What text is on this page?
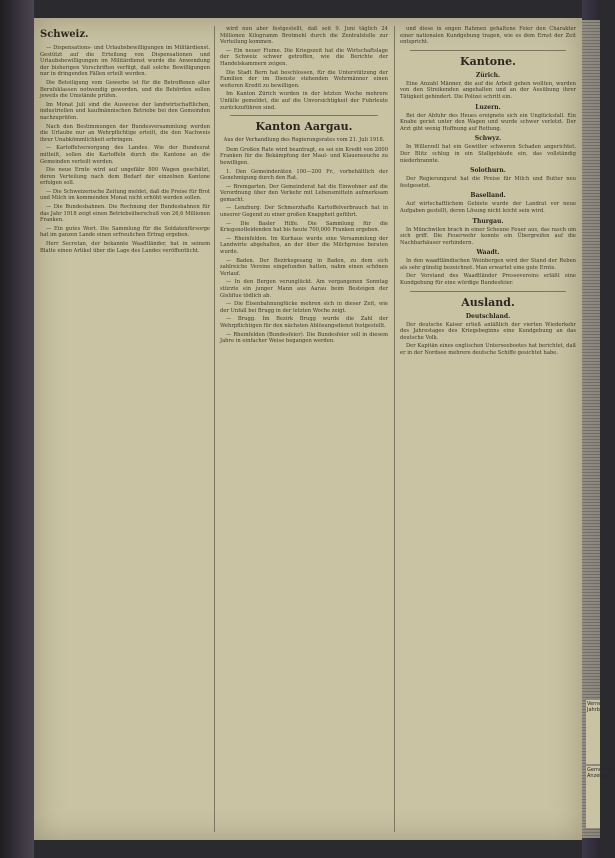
Schweiz.

— Dispensations- und Urlaubsbewilligungen im Militärdienst. Gestützt auf die Erteilung von Dispensationen und Urlaubsbewilligungen im Militärdienst wurde die Anwendung der bisherigen Vorschriften verfügt, daß solche Bewilligungen nur in dringenden Fällen erteilt werden.

Die Beteiligung vom Gewerbe ist für die Betroffenen aller Berufsklassen notwendig geworden, und die Behörden sollen jeweils die Umstände prüfen.

Im Monat Juli sind die Ausweise der landwirtschaftlichen, industriellen und kaufmännischen Betriebe bei den Gemeinden nachzuprüfen.

Nach den Bestimmungen der Bundesversammlung werden die Urlaube nur an Wehrpflichtige erteilt, die den Nachweis ihrer Unabkömmlichkeit erbringen.

— Kartoffelversorgung des Landes. Wie der Bundesrat mitteilt, sollen die Kartoffeln durch die Kantone an die Gemeinden verteilt werden.

Die neue Ernte wird auf ungefähr 800 Wagen geschätzt, deren Verteilung nach dem Bedarf der einzelnen Kantone erfolgen soll.

— Die Schweizerische Zeitung meldet, daß die Preise für Brot und Milch im kommenden Monat nicht erhöht werden sollen.

— Die Bundesbahnen. Die Rechnung der Bundesbahnen für das Jahr 1918 zeigt einen Betriebsüberschuß von 26,6 Millionen Franken.

— Ein gutes Wort. Die Sammlung für die Soldatenfürsorge hat im ganzen Lande einen erfreulichen Ertrag ergeben.

Herr Secretan, der bekannte Waadtländer, hat in seinem Blatte einen Artikel über die Lage des Landes veröffentlicht.

wird nun aber festgestellt, daß seit 9. Juni täglich 24 Millionen Kilogramm Brotmehl durch die Zentralstelle zur Verteilung kommen.

— Ein neuer Fiume. Die Kriegszeit hat die Wirtschaftslage der Schweiz schwer getroffen, wie die Berichte der Handelskammern zeigen.

Die Stadt Bern hat beschlossen, für die Unterstützung der Familien der im Dienste stehenden Wehrmänner einen weiteren Kredit zu bewilligen.

Im Kanton Zürich wurden in der letzten Woche mehrere Unfälle gemeldet, die auf die Unvorsichtigkeit der Fuhrleute zurückzuführen sind.

Kanton Aargau.
Aus der Verhandlung des Regierungsrates vom 21. Juli 1918.

Dem Großen Rate wird beantragt, es sei ein Kredit von 2000 Franken für die Bekämpfung der Maul- und Klauenseuche zu bewilligen.

1. Den Gemeinderäten 100—200 Fr., vorbehältlich der Genehmigung durch den Rat.

— Bremgarten. Der Gemeinderat hat die Einwohner auf die Verordnung über den Verkehr mit Lebensmitteln aufmerksam gemacht.

— Lenzburg. Der Schmerzhafte Kartoffelverbrauch hat in unserer Gegend zu einer großen Knappheit geführt.

— Die Basler Hilfe. Die Sammlung für die Kriegsnotleidenden hat bis heute 700,000 Franken ergeben.

— Rheinfelden. Im Kurhaus wurde eine Versammlung der Landwirte abgehalten, an der über die Milchpreise beraten wurde.

— Baden. Der Bezirksgesang in Baden, zu dem sich zahlreiche Vereine eingefunden hatten, nahm einen schönen Verlauf.

— In den Bergen verunglückt. Am vergangenen Sonntag stürzte ein junger Mann aus Aarau beim Besteigen der Gisliflue tödlich ab.

— Die Eisenbahnunglücke mehren sich in dieser Zeit, wie der Unfall bei Brugg in der letzten Woche zeigt.

— Brugg. Im Bezirk Brugg wurde die Zahl der Wehrpflichtigen für den nächsten Ablösungsdienst festgestellt.

— Rheinfelden (Bundesfeier). Die Bundesfeier soll in diesem Jahre in einfacher Weise begangen werden.

und diese in engen Rahmen gehaltene Feier den Charakter einer nationalen Kundgebung tragen, wie es dem Ernst der Zeit entspricht.

Kantone.
Zürich.

Eine Anzahl Männer, die auf die Arbeit gehen wollten, wurden von den Streikenden angehalten und an der Ausübung ihrer Tätigkeit gehindert. Die Polizei schritt ein.

Luzern.

Bei der Abfuhr des Heues ereignete sich ein Unglücksfall. Ein Knabe geriet unter den Wagen und wurde schwer verletzt. Der Arzt gibt wenig Hoffnung auf Rettung.

Schwyz.

In Willerzell hat ein Gewitter schweren Schaden angerichtet. Der Blitz schlug in ein Stallgebäude ein, das vollständig niederbrannte.

Solothurn.

Der Regierungsrat hat die Preise für Milch und Butter neu festgesetzt.

Baselland.

Auf wirtschaftlichem Gebiete wurde der Landrat vor neue Aufgaben gestellt, deren Lösung nicht leicht sein wird.

Thurgau.

In Münchwilen brach in einer Scheune Feuer aus, das rasch um sich griff. Die Feuerwehr konnte ein Übergreifen auf die Nachbarhäuser verhindern.

Waadt.

In den waadtländischen Weinbergen wird der Stand der Reben als sehr günstig bezeichnet. Man erwartet eine gute Ernte.

Der Vorstand des Waadtländer Pressevereins erläßt eine Kundgebung für eine würdige Bundesfeier.

Ausland.
Deutschland.

Der deutsche Kaiser erließ anläßlich der vierten Wiederkehr des Jahrestages des Kriegsbeginns eine Kundgebung an das deutsche Volk.

Der Kapitän eines englischen Unterseebootes hat berichtet, daß er in der Nordsee mehrere deutsche Schiffe gesichtet habe.

Verner Jahrb.
Gemeinde-Anzeiger
